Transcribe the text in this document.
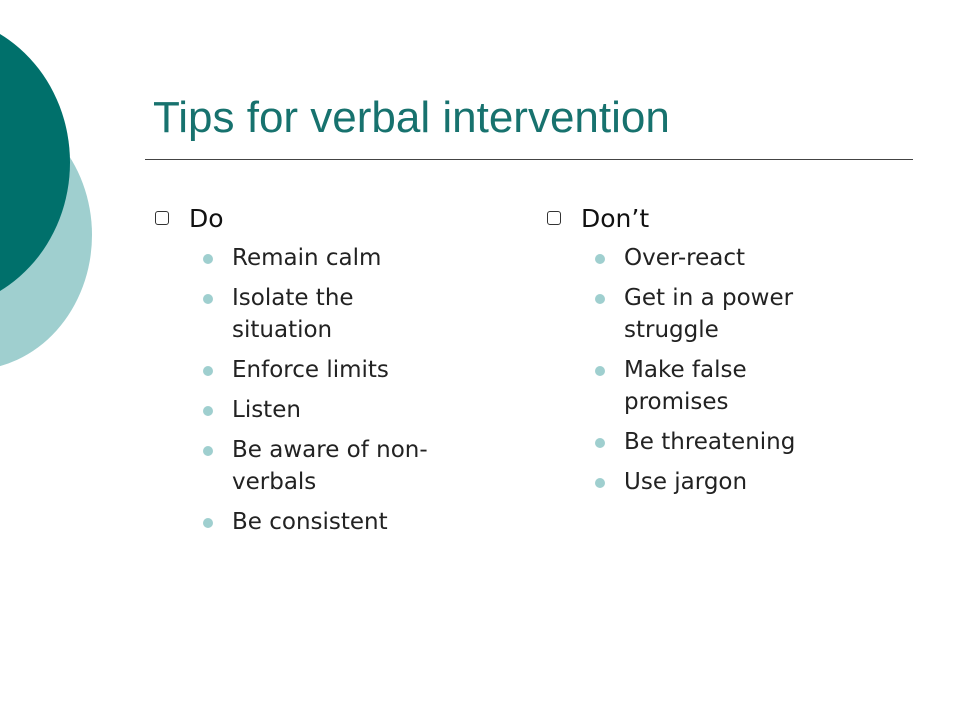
Tips for verbal intervention
Do
Remain calm
Isolate the situation
Enforce limits
Listen
Be aware of non-verbals
Be consistent
Don’t
Over-react
Get in a power struggle
Make false promises
Be threatening
Use jargon
